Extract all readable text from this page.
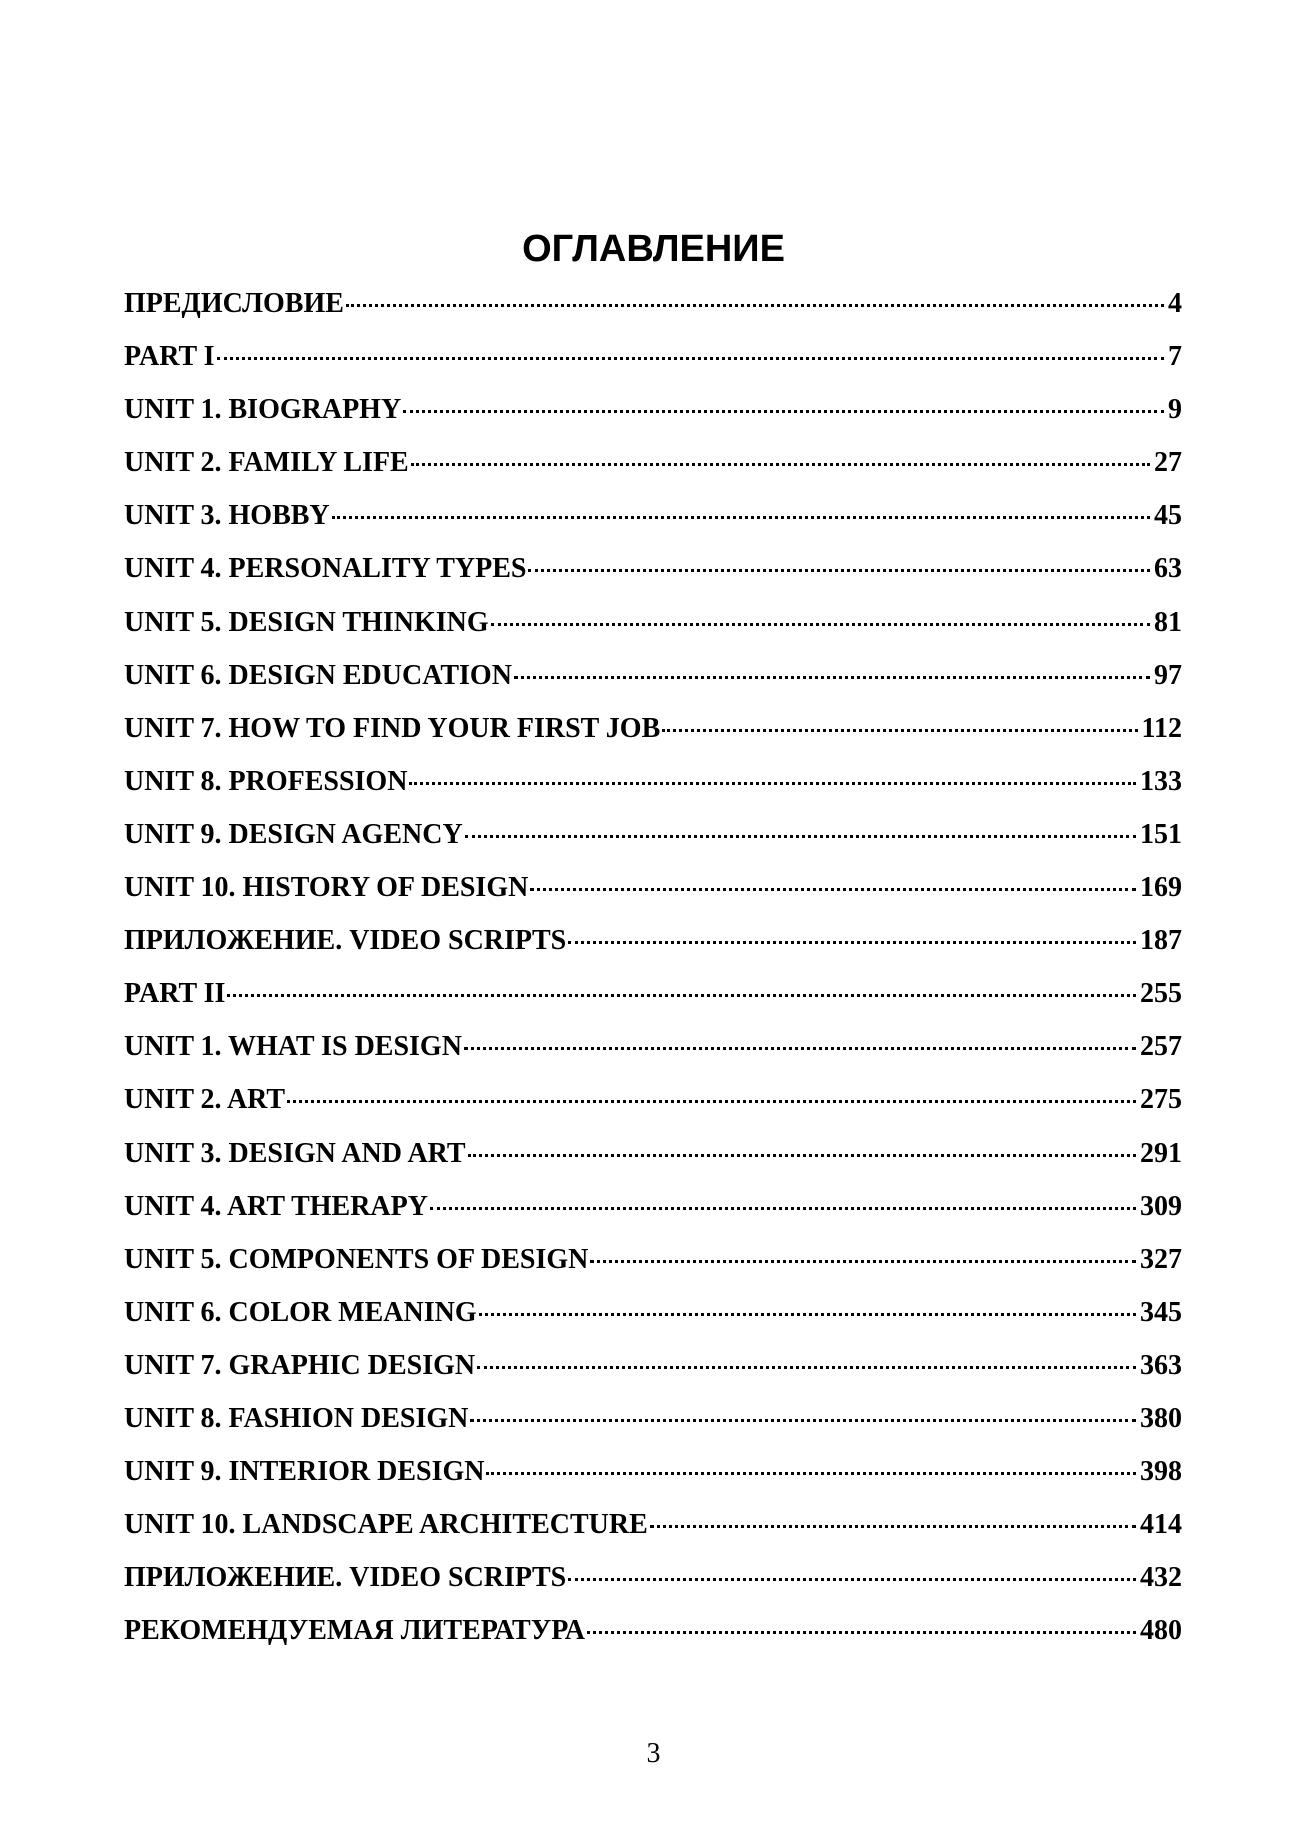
ОГЛАВЛЕНИЕ
ПРЕДИСЛОВИЕ	4
PART I	7
UNIT 1. BIOGRAPHY	9
UNIT 2. FAMILY LIFE	27
UNIT 3. HOBBY	45
UNIT 4. PERSONALITY TYPES	63
UNIT 5. DESIGN THINKING	81
UNIT 6. DESIGN EDUCATION	97
UNIT 7. HOW TO FIND YOUR FIRST JOB	112
UNIT 8. PROFESSION	133
UNIT 9. DESIGN AGENCY	151
UNIT 10. HISTORY OF DESIGN	169
ПРИЛОЖЕНИЕ. VIDEO SCRIPTS	187
PART II	255
UNIT 1. WHAT IS DESIGN	257
UNIT 2. ART	275
UNIT 3. DESIGN AND ART	291
UNIT 4. ART THERAPY	309
UNIT 5. COMPONENTS OF DESIGN	327
UNIT 6. COLOR MEANING	345
UNIT 7. GRAPHIC DESIGN	363
UNIT 8. FASHION DESIGN	380
UNIT 9. INTERIOR DESIGN	398
UNIT 10. LANDSCAPE ARCHITECTURE	414
ПРИЛОЖЕНИЕ. VIDEO SCRIPTS	432
РЕКОМЕНДУЕМАЯ ЛИТЕРАТУРА	480
3
